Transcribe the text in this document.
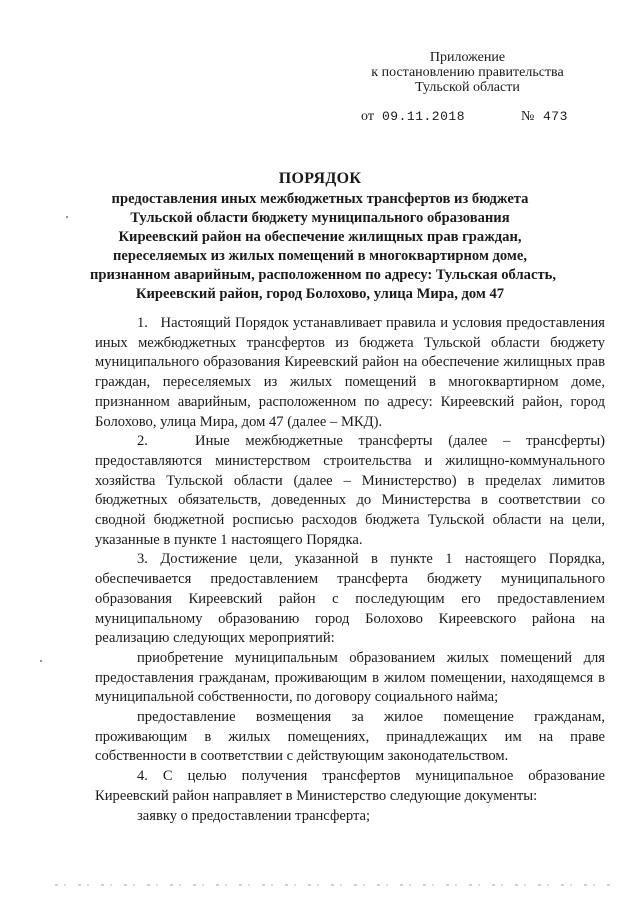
Приложение
к постановлению правительства
Тульской области
от 09.11.2018	№ 473
ПОРЯДОК
предоставления иных межбюджетных трансфертов из бюджета
Тульской области бюджету муниципального образования
Киреевский район на обеспечение жилищных прав граждан,
переселяемых из жилых помещений в многоквартирном доме,
признанном аварийным, расположенном по адресу: Тульская область,
Киреевский район, город Болохово, улица Мира, дом 47

1.   Настоящий Порядок устанавливает правила и условия предоставления иных межбюджетных трансфертов из бюджета Тульской области бюджету муниципального образования Киреевский район на обеспечение жилищных прав граждан, переселяемых из жилых помещений в многоквартирном доме, признанном аварийным, расположенном по адресу: Киреевский район, город Болохово, улица Мира, дом 47 (далее – МКД).

2.   Иные межбюджетные трансферты (далее – трансферты) предоставляются министерством строительства и жилищно-коммунального хозяйства Тульской области (далее – Министерство) в пределах лимитов бюджетных обязательств, доведенных до Министерства в соответствии со сводной бюджетной росписью расходов бюджета Тульской области на цели, указанные в пункте 1 настоящего Порядка.

3. Достижение цели, указанной в пункте 1 настоящего Порядка, обеспечивается предоставлением трансферта бюджету муниципального образования Киреевский район с последующим его предоставлением муниципальному образованию город Болохово Киреевского района на реализацию следующих мероприятий:

приобретение муниципальным образованием жилых помещений для предоставления гражданам, проживающим в жилом помещении, находящемся в муниципальной собственности, по договору социального найма;

предоставление возмещения за жилое помещение гражданам, проживающим в жилых помещениях, принадлежащих им на праве собственности в соответствии с действующим законодательством.

4. С целью получения трансфертов муниципальное образование Киреевский район направляет в Министерство следующие документы:

заявку о предоставлении трансферта;
